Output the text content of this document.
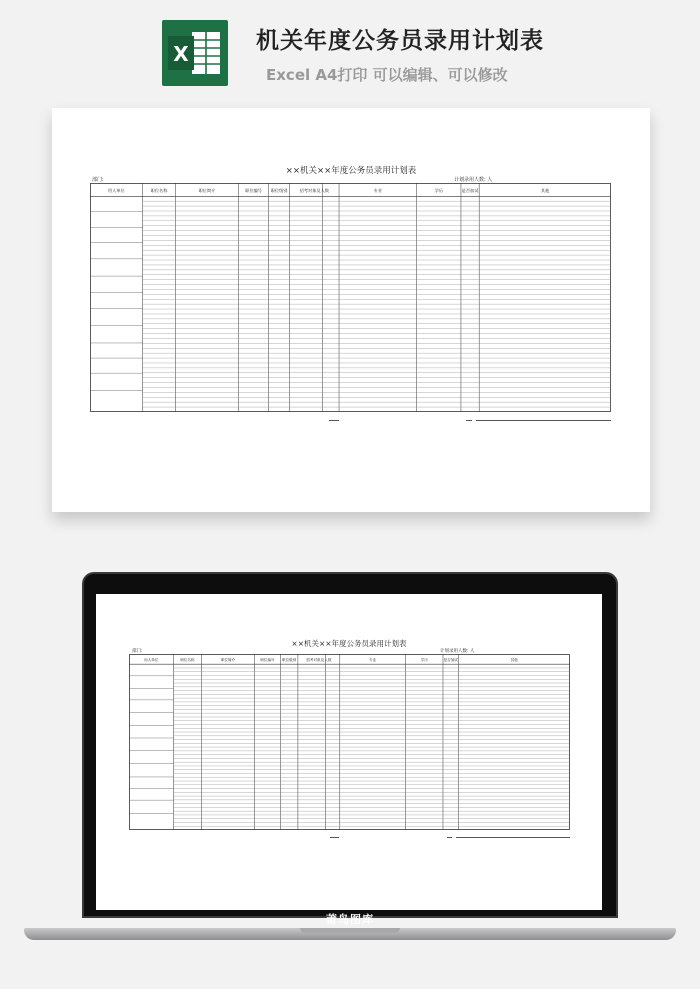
X	机关年度公务员录用计划表
Excel A4打印 可以编辑、可以修改
××机关××年度公务员录用计划表
部门:	计划录用人数: 人
用人单位	职位名称	职位简介	职位编号 职位级别	招考对象及人数	专业	学历	是否加试	其他
××机关××年度公务员录用计划表
部门:	计划录用人数: 人
用人单位	职位名称	职位简介	职位编号 职位级别	招考对象及人数	专业	学历	是否加试	其他
莆鸟图库
